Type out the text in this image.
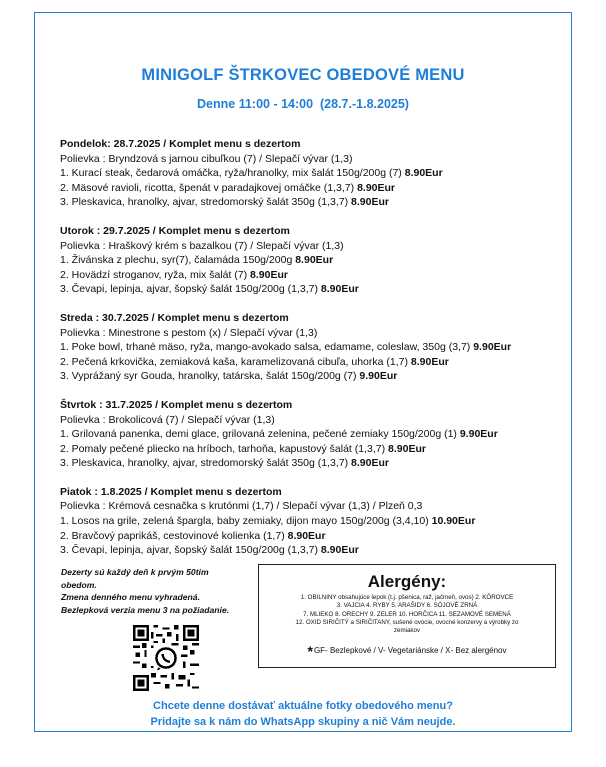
MINIGOLF ŠTRKOVEC OBEDOVÉ MENU
Denne 11:00 - 14:00  (28.7.-1.8.2025)
Pondelok: 28.7.2025 / Komplet menu s dezertom
Polievka : Bryndzová s jarnou cibuľkou (7) / Slepačí vývar (1,3)
1. Kurací steak, čedarová omáčka, ryža/hranolky, mix šalát 150g/200g (7) 8.90Eur
2. Mäsové ravioli, ricotta, špenát v paradajkovej omáčke (1,3,7) 8.90Eur
3. Pleskavica, hranolky, ajvar, stredomorský šalát 350g (1,3,7) 8.90Eur
Utorok : 29.7.2025 / Komplet menu s dezertom
Polievka : Hraškový krém s bazalkou (7) / Slepačí vývar (1,3)
1. Živánska z plechu, syr(7), čalamáda 150g/200g 8.90Eur
2. Hovädzí stroganov, ryža, mix šalát (7) 8.90Eur
3. Čevapi, lepinja, ajvar, šopský šalát 150g/200g (1,3,7) 8.90Eur
Streda : 30.7.2025 / Komplet menu s dezertom
Polievka : Minestrone s pestom (x) / Slepačí vývar (1,3)
1. Poke bowl, trhané mäso, ryža, mango-avokado salsa, edamame, coleslaw, 350g (3,7) 9.90Eur
2. Pečená krkovička, zemiaková kaša, karamelizovaná cibuľa, uhorka (1,7) 8.90Eur
3. Vyprážaný syr Gouda, hranolky, tatárska, šalát 150g/200g (7) 9.90Eur
Štvrtok : 31.7.2025 / Komplet menu s dezertom
Polievka : Brokolicová (7) / Slepačí vývar (1,3)
1. Grilovaná panenka, demi glace, grilovaná zelenina, pečené zemiaky 150g/200g (1) 9.90Eur
2. Pomaly pečené pliecko na hríboch, tarhoňa, kapustový šalát (1,3,7) 8.90Eur
3. Pleskavica, hranolky, ajvar, stredomorský šalát 350g (1,3,7) 8.90Eur
Piatok : 1.8.2025 / Komplet menu s dezertom
Polievka : Krémová cesnačka s krutónmi (1,7) / Slepačí vývar (1,3) / Plzeň 0,3
1. Losos na grile, zelená špargla, baby zemiaky, dijon mayo 150g/200g (3,4,10) 10.90Eur
2. Bravčový paprikáš, cestovinové kolienka (1,7) 8.90Eur
3. Čevapi, lepinja, ajvar, šopský šalát 150g/200g (1,3,7) 8.90Eur
Dezerty sú každý deň k prvým 50tim
obedom.
Zmena denného menu vyhradená.
Bezlepková verzia menu 3 na požiadanie.
Alergény:
1. OBILNINY obsahujúce lepok (t.j. pšenica, raž, jačmeň, ovos) 2. KÔROVCE
3. VAJCIA 4. RYBY 5. ARAŠIDY 6. SÓJOVÉ ZRNÁ
7. MLIEKO 8. ORECHY 9. ZELER 10. HORČICA 11. SEZAMOVÉ SEMENÁ
12. OXID SIRIČITÝ a SIRIČITANY, sušené ovocie, ovocné konzervy a výrobky zo
zemiakov
*GF- Bezlepkové / V- Vegetariánske / X- Bez alergénov
Chcete denne dostávať aktuálne fotky obedového menu?
Pridajte sa k nám do WhatsApp skupiny a nič Vám neujde.
